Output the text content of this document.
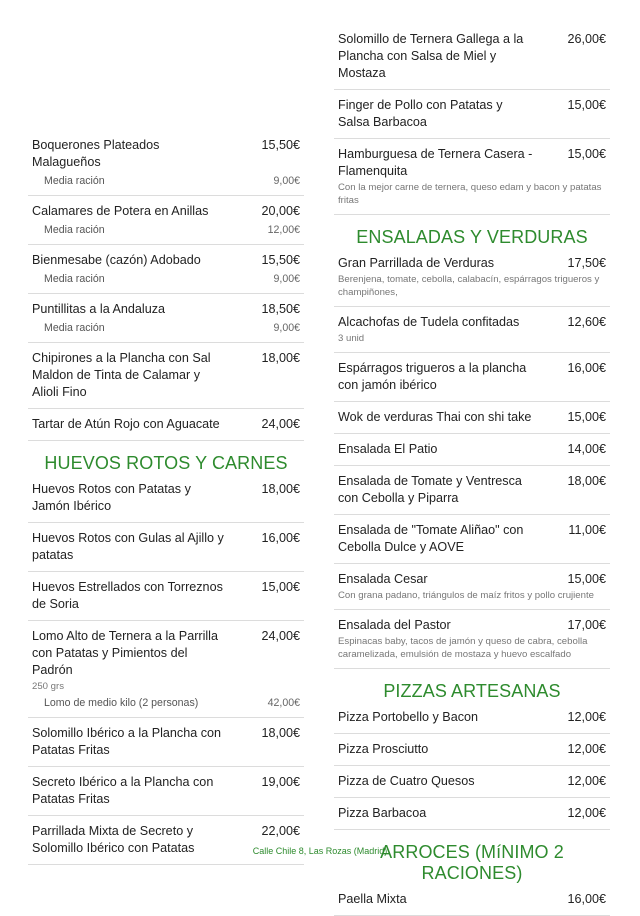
Boquerones Plateados Malagueños
15,50€
Media ración	9,00€
Calamares de Potera en Anillas	20,00€
Media ración	12,00€
Bienmesabe (cazón) Adobado	15,50€
Media ración	9,00€
Puntillitas a la Andaluza	18,50€
Media ración	9,00€
Chipirones a la Plancha con Sal Maldon de Tinta de Calamar y Alioli Fino
18,00€
Tartar de Atún Rojo con Aguacate	24,00€
HUEVOS ROTOS Y CARNES
Huevos Rotos con Patatas y Jamón Ibérico
18,00€
Huevos Rotos con Gulas al Ajillo y patatas
16,00€
Huevos Estrellados con Torreznos de Soria
15,00€
Lomo Alto de Ternera a la Parrilla con Patatas y Pimientos del Padrón
24,00€
250 grs
Lomo de medio kilo (2 personas)	42,00€
Solomillo Ibérico a la Plancha con Patatas Fritas
18,00€
Secreto Ibérico a la Plancha con Patatas Fritas
19,00€
Parrillada Mixta de Secreto y Solomillo Ibérico con Patatas
22,00€
Solomillo de Ternera Gallega a la Plancha con Salsa de Miel y Mostaza
26,00€
Finger de Pollo con Patatas y Salsa Barbacoa
15,00€
Hamburguesa de Ternera Casera - Flamenquita
15,00€
Con la mejor carne de ternera, queso edam y bacon y patatas fritas
ENSALADAS Y VERDURAS
Gran Parrillada de Verduras	17,50€
Berenjena, tomate, cebolla, calabacín, espárragos trigueros y champiñones,
Alcachofas de Tudela confitadas	12,60€
3 unid
Espárragos trigueros a la plancha con jamón ibérico
16,00€
Wok de verduras Thai con shi take	15,00€
Ensalada El Patio	14,00€
Ensalada de Tomate y Ventresca con Cebolla y Piparra
18,00€
Ensalada de "Tomate Aliñao" con Cebolla Dulce y AOVE
11,00€
Ensalada Cesar	15,00€
Con grana padano, triángulos de maíz fritos y pollo crujiente
Ensalada del Pastor	17,00€
Espinacas baby, tacos de jamón y queso de cabra, cebolla caramelizada, emulsión de mostaza y huevo escalfado
PIZZAS ARTESANAS
Pizza Portobello y Bacon	12,00€
Pizza Prosciutto	12,00€
Pizza de Cuatro Quesos	12,00€
Pizza Barbacoa	12,00€
ARROCES (MíNIMO 2 RACIONES)
Paella Mixta	16,00€
Calle Chile 8, Las Rozas (Madrid)
